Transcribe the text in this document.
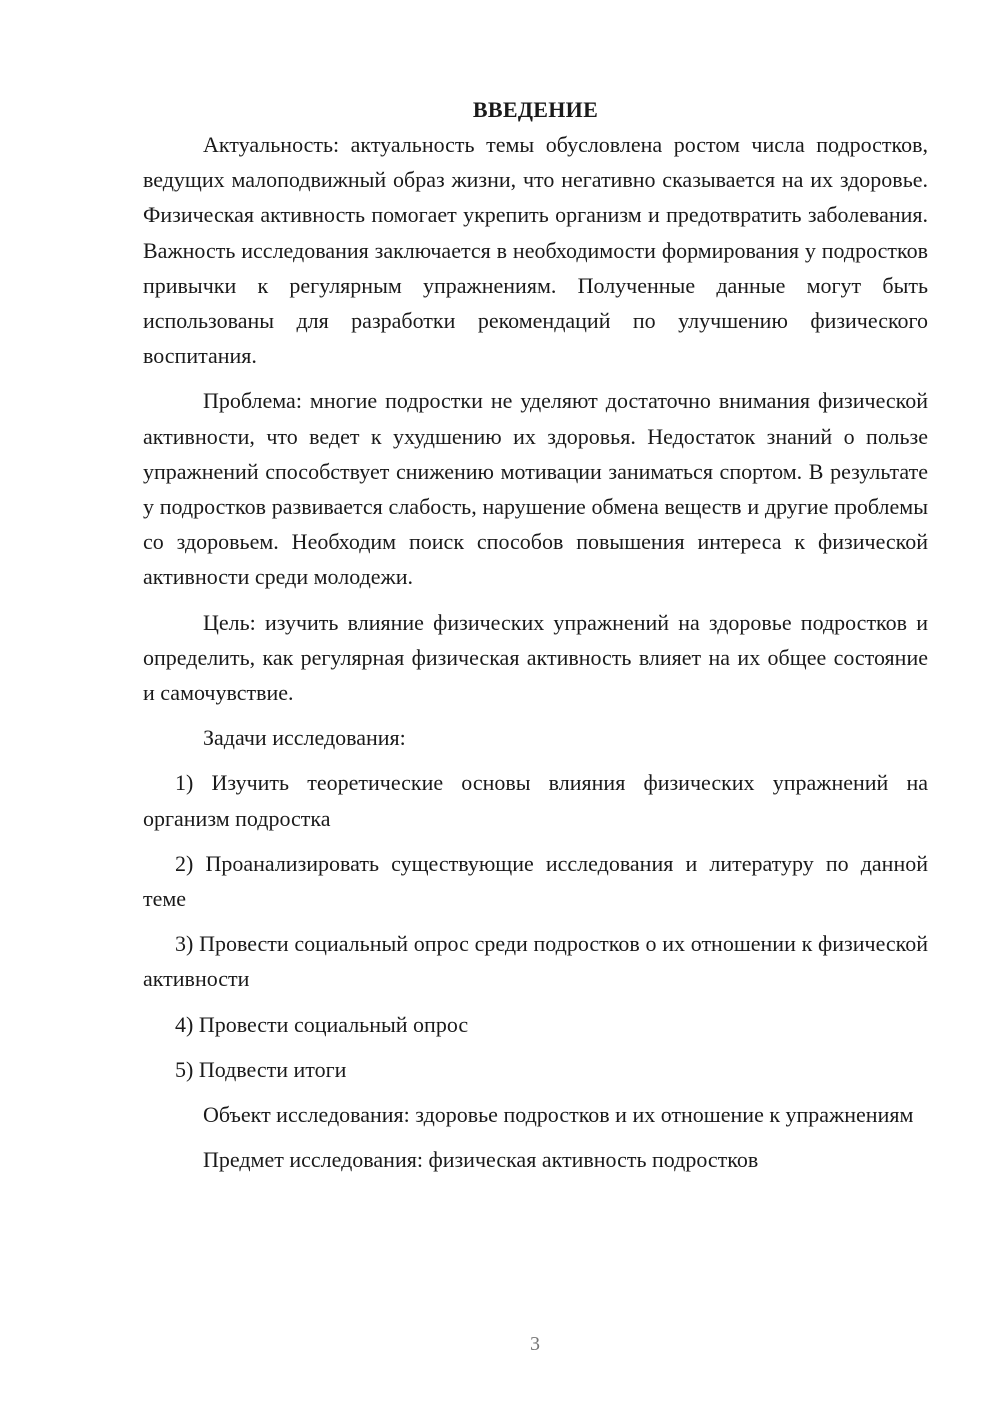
ВВЕДЕНИЕ

Актуальность: актуальность темы обусловлена ростом числа подростков, ведущих малоподвижный образ жизни, что негативно сказывается на их здоровье. Физическая активность помогает укрепить организм и предотвратить заболевания. Важность исследования заключается в необходимости формирования у подростков привычки к регулярным упражнениям. Полученные данные могут быть использованы для разработки рекомендаций по улучшению физического воспитания.

Проблема: многие подростки не уделяют достаточно внимания физической активности, что ведет к ухудшению их здоровья. Недостаток знаний о пользе упражнений способствует снижению мотивации заниматься спортом. В результате у подростков развивается слабость, нарушение обмена веществ и другие проблемы со здоровьем. Необходим поиск способов повышения интереса к физической активности среди молодежи.

Цель: изучить влияние физических упражнений на здоровье подростков и определить, как регулярная физическая активность влияет на их общее состояние и самочувствие.

Задачи исследования:

1) Изучить теоретические основы влияния физических упражнений на организм подростка

2) Проанализировать существующие исследования и литературу по данной теме

3) Провести социальный опрос среди подростков о их отношении к физической активности

4) Провести социальный опрос

5) Подвести итоги

Объект исследования: здоровье подростков и их отношение к упражнениям

Предмет исследования: физическая активность подростков

3
